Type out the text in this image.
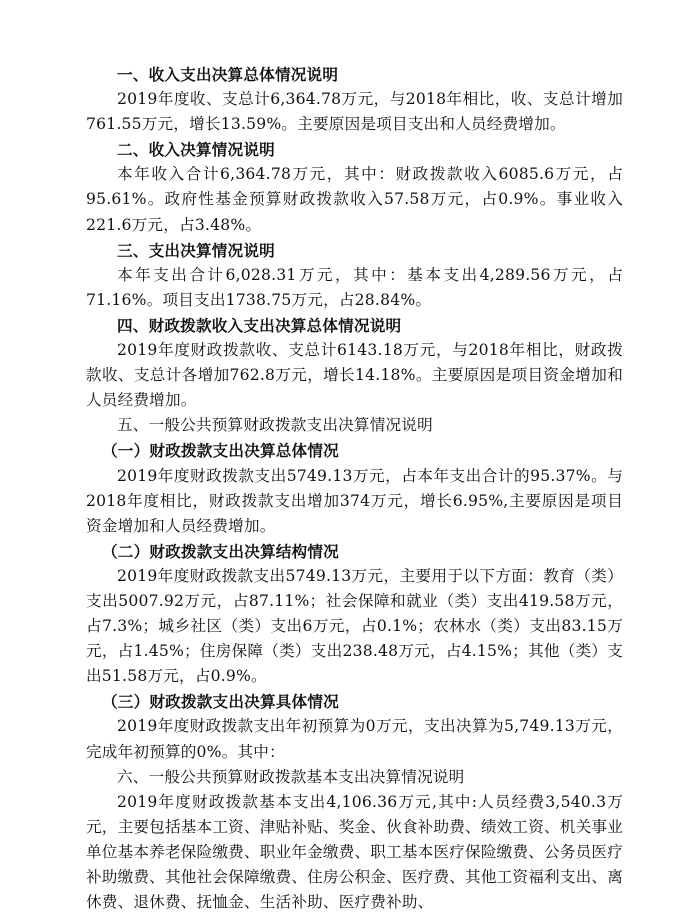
一、收入支出决算总体情况说明

2019年度收、支总计6,364.78万元，与2018年相比，收、支总计增加761.55万元，增长13.59%。主要原因是项目支出和人员经费增加。

二、收入决算情况说明

本年收入合计6,364.78万元，其中：财政拨款收入6085.6万元，占95.61%。政府性基金预算财政拨款收入57.58万元，占0.9%。事业收入221.6万元，占3.48%。

三、支出决算情况说明

本年支出合计6,028.31万元，其中：基本支出4,289.56万元，占71.16%。项目支出1738.75万元，占28.84%。

四、财政拨款收入支出决算总体情况说明

2019年度财政拨款收、支总计6143.18万元，与2018年相比，财政拨款收、支总计各增加762.8万元，增长14.18%。主要原因是项目资金增加和人员经费增加。

五、一般公共预算财政拨款支出决算情况说明

（一）财政拨款支出决算总体情况

2019年度财政拨款支出5749.13万元，占本年支出合计的95.37%。与2018年度相比，财政拨款支出增加374万元，增长6.95%,主要原因是项目资金增加和人员经费增加。

（二）财政拨款支出决算结构情况

2019年度财政拨款支出5749.13万元，主要用于以下方面：教育（类）支出5007.92万元，占87.11%；社会保障和就业（类）支出419.58万元，占7.3%；城乡社区（类）支出6万元，占0.1%；农林水（类）支出83.15万元，占1.45%；住房保障（类）支出238.48万元，占4.15%；其他（类）支出51.58万元，占0.9%。

（三）财政拨款支出决算具体情况

2019年度财政拨款支出年初预算为0万元，支出决算为5,749.13万元，完成年初预算的0%。其中：

六、一般公共预算财政拨款基本支出决算情况说明

2019年度财政拨款基本支出4,106.36万元,其中:人员经费3,540.3万元，主要包括基本工资、津贴补贴、奖金、伙食补助费、绩效工资、机关事业单位基本养老保险缴费、职业年金缴费、职工基本医疗保险缴费、公务员医疗补助缴费、其他社会保障缴费、住房公积金、医疗费、其他工资福利支出、离休费、退休费、抚恤金、生活补助、医疗费补助、
